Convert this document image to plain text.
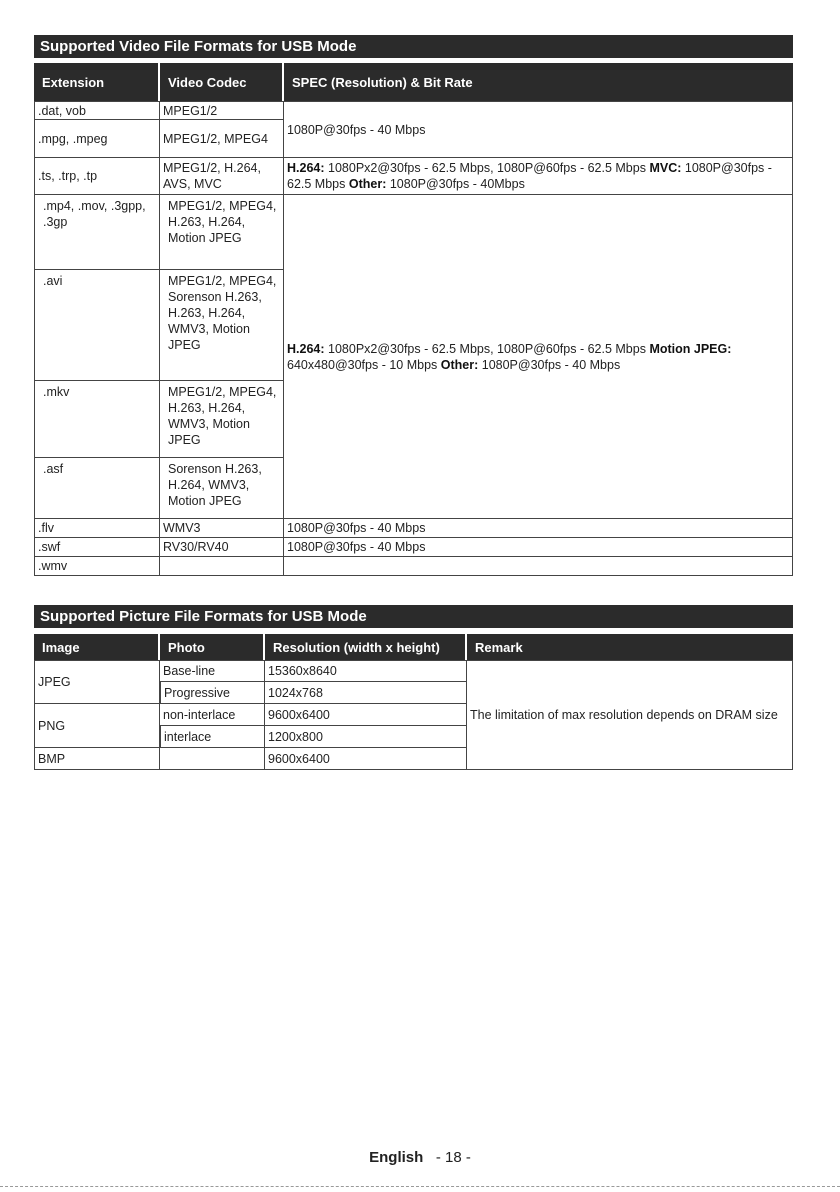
Supported Video File Formats for USB Mode
Extension	Video Codec	SPEC (Resolution) & Bit Rate
.dat, vob	MPEG1/2	1080P@30fps - 40 Mbps
.mpg, .mpeg	MPEG1/2, MPEG4	
.ts, .trp, .tp	MPEG1/2, H.264, AVS, MVC	H.264: 1080Px2@30fps - 62.5 Mbps, 1080P@60fps - 62.5 Mbps MVC: 1080P@30fps - 62.5 Mbps Other: 1080P@30fps - 40Mbps
.mp4, .mov, .3gpp, .3gp	MPEG1/2, MPEG4, H.263, H.264, Motion JPEG	H.264: 1080Px2@30fps - 62.5 Mbps, 1080P@60fps - 62.5 Mbps Motion JPEG: 640x480@30fps - 10 Mbps Other: 1080P@30fps - 40 Mbps
.avi	MPEG1/2, MPEG4, Sorenson H.263, H.263, H.264, WMV3, Motion JPEG	
.mkv	MPEG1/2, MPEG4, H.263, H.264, WMV3, Motion JPEG	
.asf	Sorenson H.263, H.264, WMV3, Motion JPEG	
.flv	WMV3	1080P@30fps - 40 Mbps
.swf	RV30/RV40	1080P@30fps - 40 Mbps
.wmv		
Supported Picture File Formats for USB Mode
Image	Photo	Resolution (width x height)	Remark
JPEG	Base-line	15360x8640	The limitation of max resolution depends on DRAM size
	Progressive	1024x768	
PNG	non-interlace	9600x6400	
	interlace	1200x800	
BMP		9600x6400	
English - 18 -
